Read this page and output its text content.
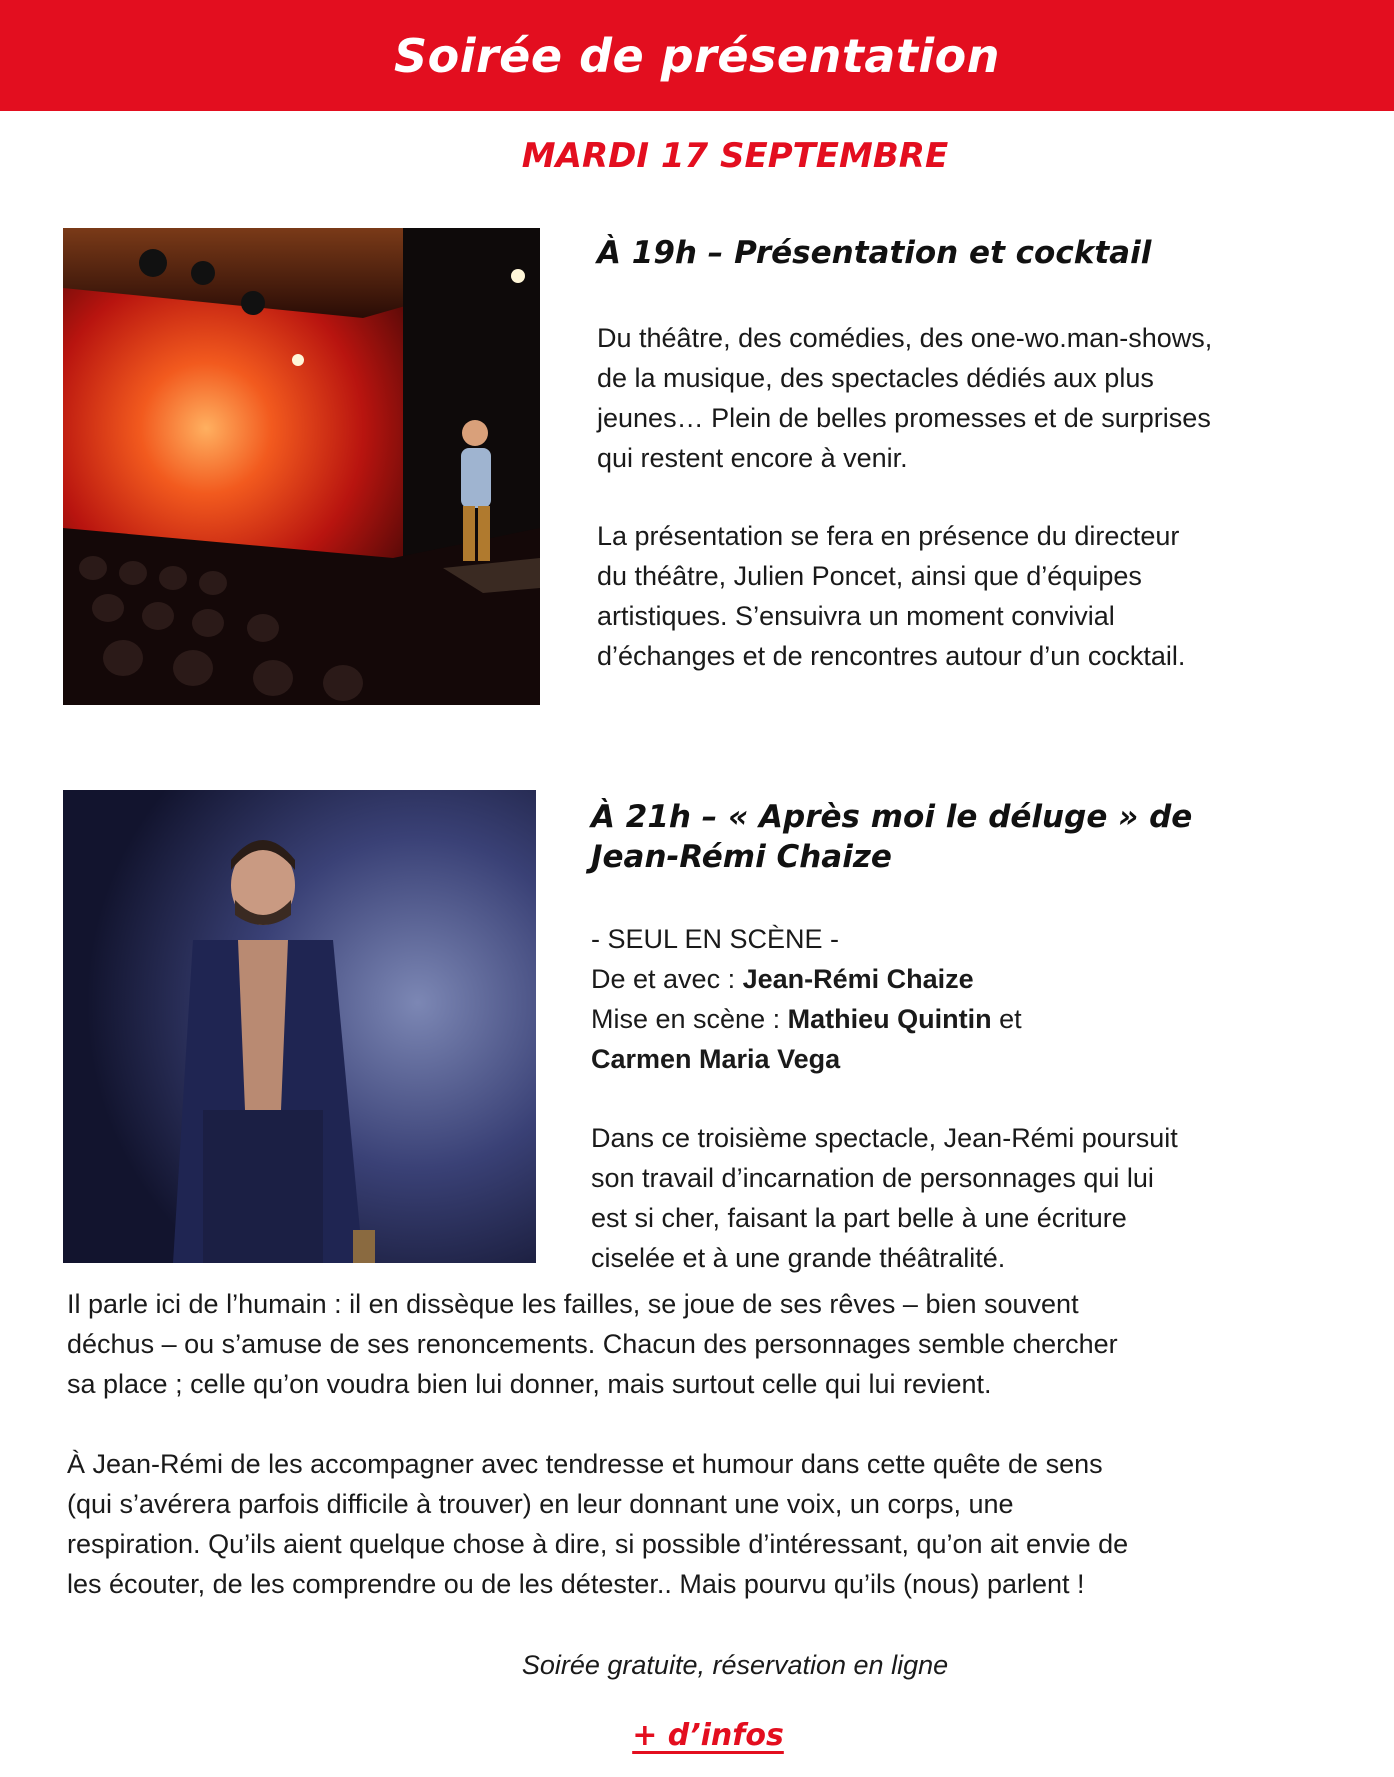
Soirée de présentation
MARDI 17 SEPTEMBRE
À 19h – Présentation et cocktail

Du théâtre, des comédies, des one-wo.man-shows,
de la musique, des spectacles dédiés aux plus
jeunes… Plein de belles promesses et de surprises
qui restent encore à venir.

La présentation se fera en présence du directeur
du théâtre, Julien Poncet, ainsi que d’équipes
artistiques. S’ensuivra un moment convivial
d’échanges et de rencontres autour d’un cocktail.

À 21h – « Après moi le déluge » de
Jean-Rémi Chaize
- SEUL EN SCÈNE -
De et avec : Jean-Rémi Chaize
Mise en scène : Mathieu Quintin et
Carmen Maria Vega

Dans ce troisième spectacle, Jean-Rémi poursuit
son travail d’incarnation de personnages qui lui
est si cher, faisant la part belle à une écriture
ciselée et à une grande théâtralité.

Il parle ici de l’humain : il en dissèque les failles, se joue de ses rêves – bien souvent
déchus – ou s’amuse de ses renoncements. Chacun des personnages semble chercher
sa place ; celle qu’on voudra bien lui donner, mais surtout celle qui lui revient.

À Jean-Rémi de les accompagner avec tendresse et humour dans cette quête de sens
(qui s’avérera parfois difficile à trouver) en leur donnant une voix, un corps, une
respiration. Qu’ils aient quelque chose à dire, si possible d’intéressant, qu’on ait envie de
les écouter, de les comprendre ou de les détester.. Mais pourvu qu’ils (nous) parlent !

Soirée gratuite, réservation en ligne
+ d’infos
